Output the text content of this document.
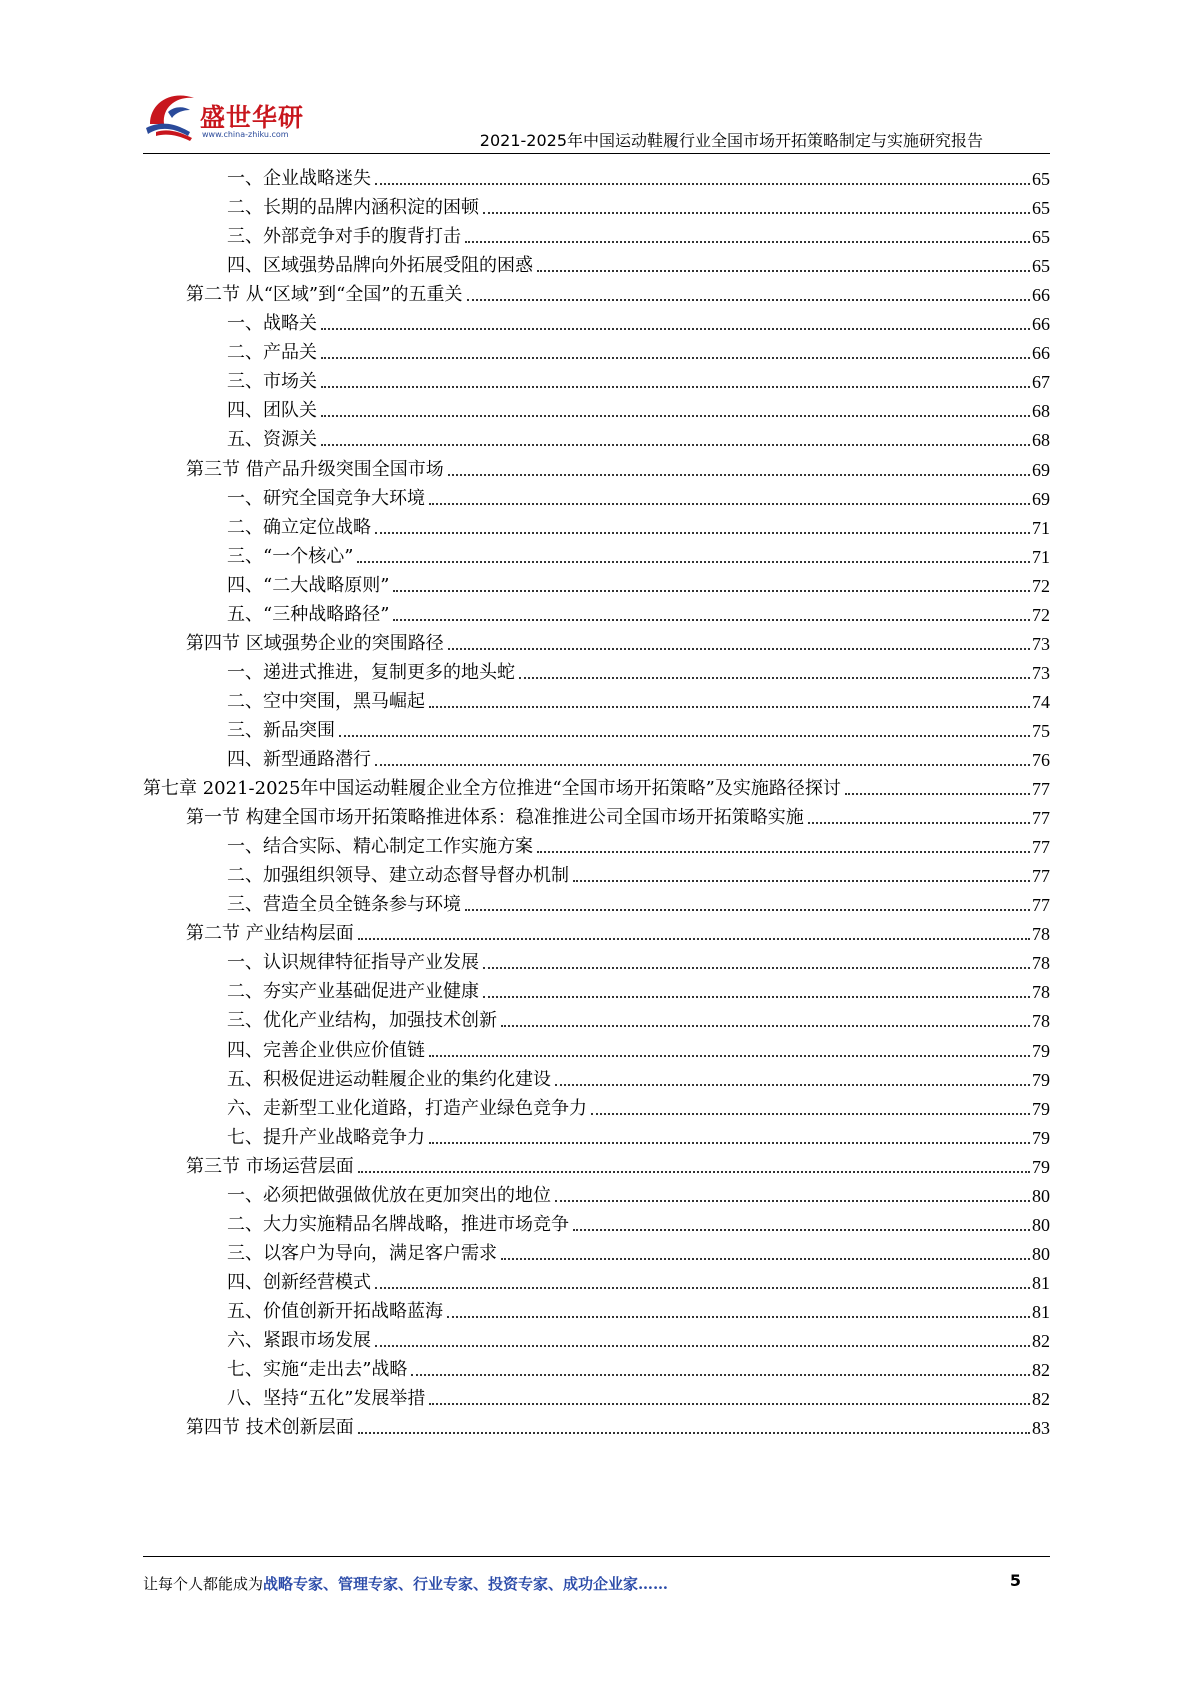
盛世华研
www.china-zhiku.com	2021-2025年中国运动鞋履行业全国市场开拓策略制定与实施研究报告
一、企业战略迷失	65
二、长期的品牌内涵积淀的困顿	65
三、外部竞争对手的腹背打击	65
四、区域强势品牌向外拓展受阻的困惑	65
第二节 从“区域”到“全国”的五重关	66
一、战略关	66
二、产品关	66
三、市场关	67
四、团队关	68
五、资源关	68
第三节 借产品升级突围全国市场	69
一、研究全国竞争大环境	69
二、确立定位战略	71
三、“一个核心”	71
四、“二大战略原则”	72
五、“三种战略路径”	72
第四节 区域强势企业的突围路径	73
一、递进式推进，复制更多的地头蛇	73
二、空中突围，黑马崛起	74
三、新品突围	75
四、新型通路潜行	76
第七章 2021-2025年中国运动鞋履企业全方位推进“全国市场开拓策略”及实施路径探讨	77
第一节 构建全国市场开拓策略推进体系：稳准推进公司全国市场开拓策略实施	77
一、结合实际、精心制定工作实施方案	77
二、加强组织领导、建立动态督导督办机制	77
三、营造全员全链条参与环境	77
第二节 产业结构层面	78
一、认识规律特征指导产业发展	78
二、夯实产业基础促进产业健康	78
三、优化产业结构，加强技术创新	78
四、完善企业供应价值链	79
五、积极促进运动鞋履企业的集约化建设	79
六、走新型工业化道路，打造产业绿色竞争力	79
七、提升产业战略竞争力	79
第三节 市场运营层面	79
一、必须把做强做优放在更加突出的地位	80
二、大力实施精品名牌战略，推进市场竞争	80
三、以客户为导向，满足客户需求	80
四、创新经营模式	81
五、价值创新开拓战略蓝海	81
六、紧跟市场发展	82
七、实施“走出去”战略	82
八、坚持“五化”发展举措	82
第四节 技术创新层面	83
让每个人都能成为战略专家、管理专家、行业专家、投资专家、成功企业家……	5
